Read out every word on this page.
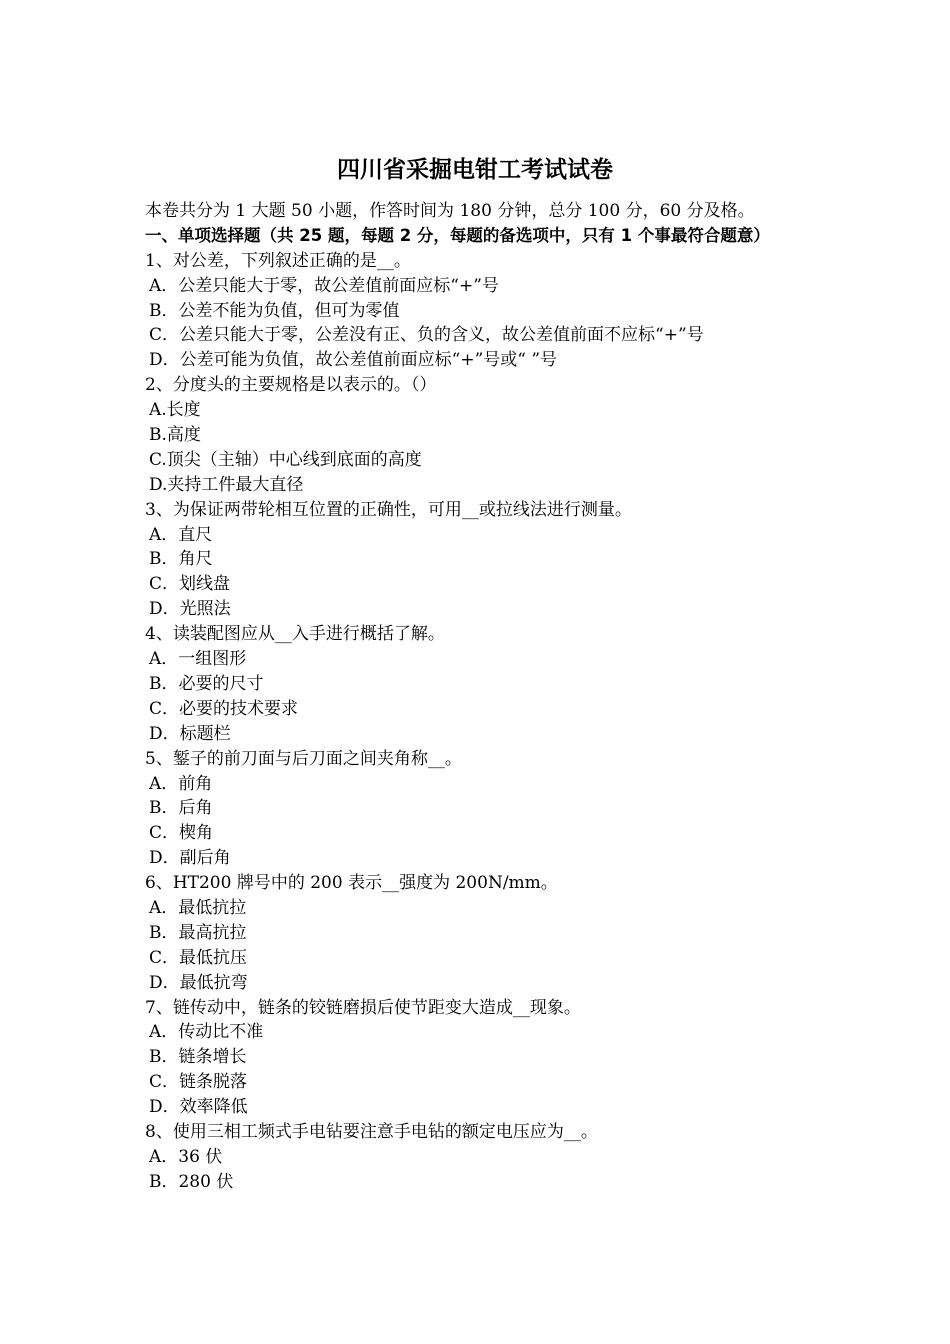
四川省采掘电钳工考试试卷
本卷共分为 1 大题 50 小题，作答时间为 180 分钟，总分 100 分，60 分及格。
一、单项选择题（共 25 题，每题 2 分，每题的备选项中，只有 1 个事最符合题意）
1、对公差，下列叙述正确的是__。
A．公差只能大于零，故公差值前面应标“+”号
B．公差不能为负值，但可为零值
C．公差只能大于零，公差没有正、负的含义，故公差值前面不应标“+”号
D．公差可能为负值，故公差值前面应标“+”号或“ ”号
2、分度头的主要规格是以表示的。（）
A.长度
B.高度
C.顶尖（主轴）中心线到底面的高度
D.夹持工件最大直径
3、为保证两带轮相互位置的正确性，可用__或拉线法进行测量。
A．直尺
B．角尺
C．划线盘
D．光照法
4、读装配图应从__入手进行概括了解。
A．一组图形
B．必要的尺寸
C．必要的技术要求
D．标题栏
5、錾子的前刀面与后刀面之间夹角称__。
A．前角
B．后角
C．楔角
D．副后角
6、HT200 牌号中的 200 表示__强度为 200N/mm。
A．最低抗拉
B．最高抗拉
C．最低抗压
D．最低抗弯
7、链传动中，链条的铰链磨损后使节距变大造成__现象。
A．传动比不准
B．链条增长
C．链条脱落
D．效率降低
8、使用三相工频式手电钻要注意手电钻的额定电压应为__。
A．36 伏
B．280 伏
